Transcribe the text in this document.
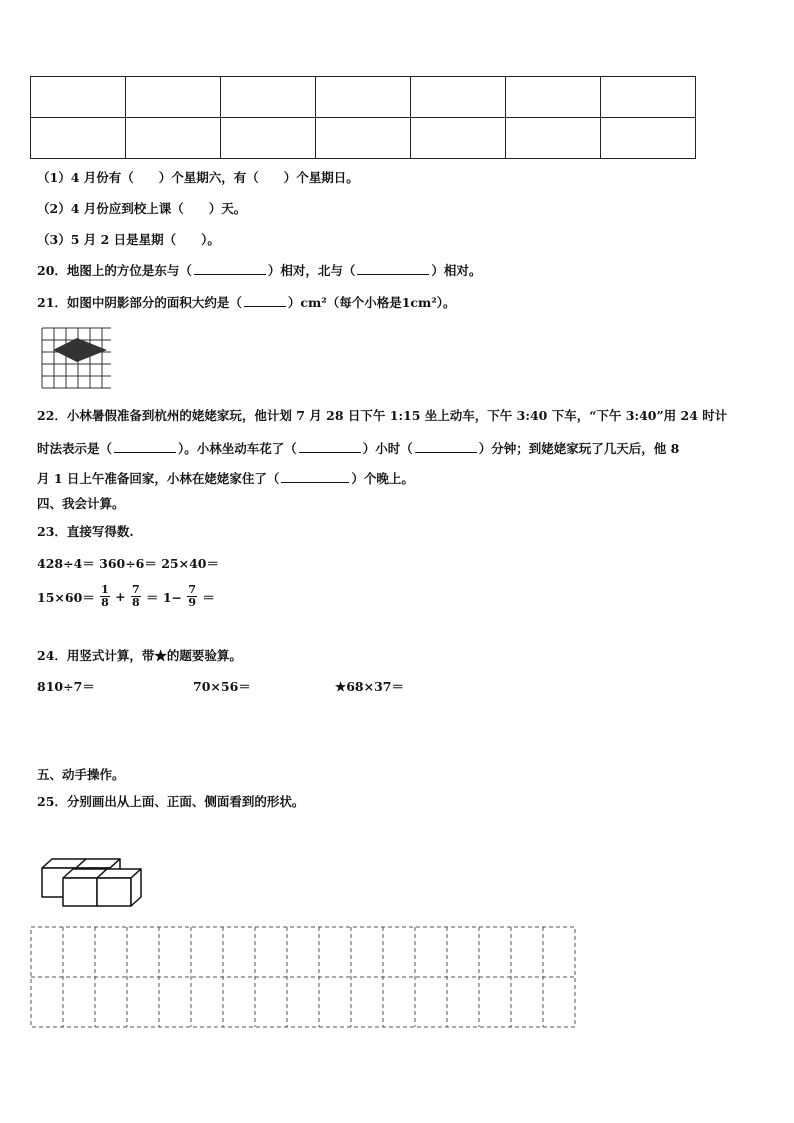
（1）4 月份有（　　）个星期六，有（　　）个星期日。

（2）4 月份应到校上课（　　）天。

（3）5 月 2 日是星期（　　）。

20．地图上的方位是东与（	）相对，北与（	）相对。

21．如图中阴影部分的面积大约是（	）cm²（每个小格是1cm²）。

22．小林暑假准备到杭州的姥姥家玩，他计划 7 月 28 日下午 1:15 坐上动车，下午 3:40 下车，“下午 3:40”用 24 时计

时法表示是（	）。小林坐动车花了（	）小时（	）分钟；到姥姥家玩了几天后，他 8

月 1 日上午准备回家，小林在姥姥家住了（	）个晚上。

四、我会计算。

23．直接写得数.

428÷4＝ 360÷6＝ 25×40＝

$15\times 60= \frac{1}{8} + \frac{7}{8} = 1- \frac{7}{9}$ ＝

24．用竖式计算，带★的题要验算。

810÷7＝	70×56＝	★68×37＝

五、动手操作。

25．分别画出从上面、正面、侧面看到的形状。
